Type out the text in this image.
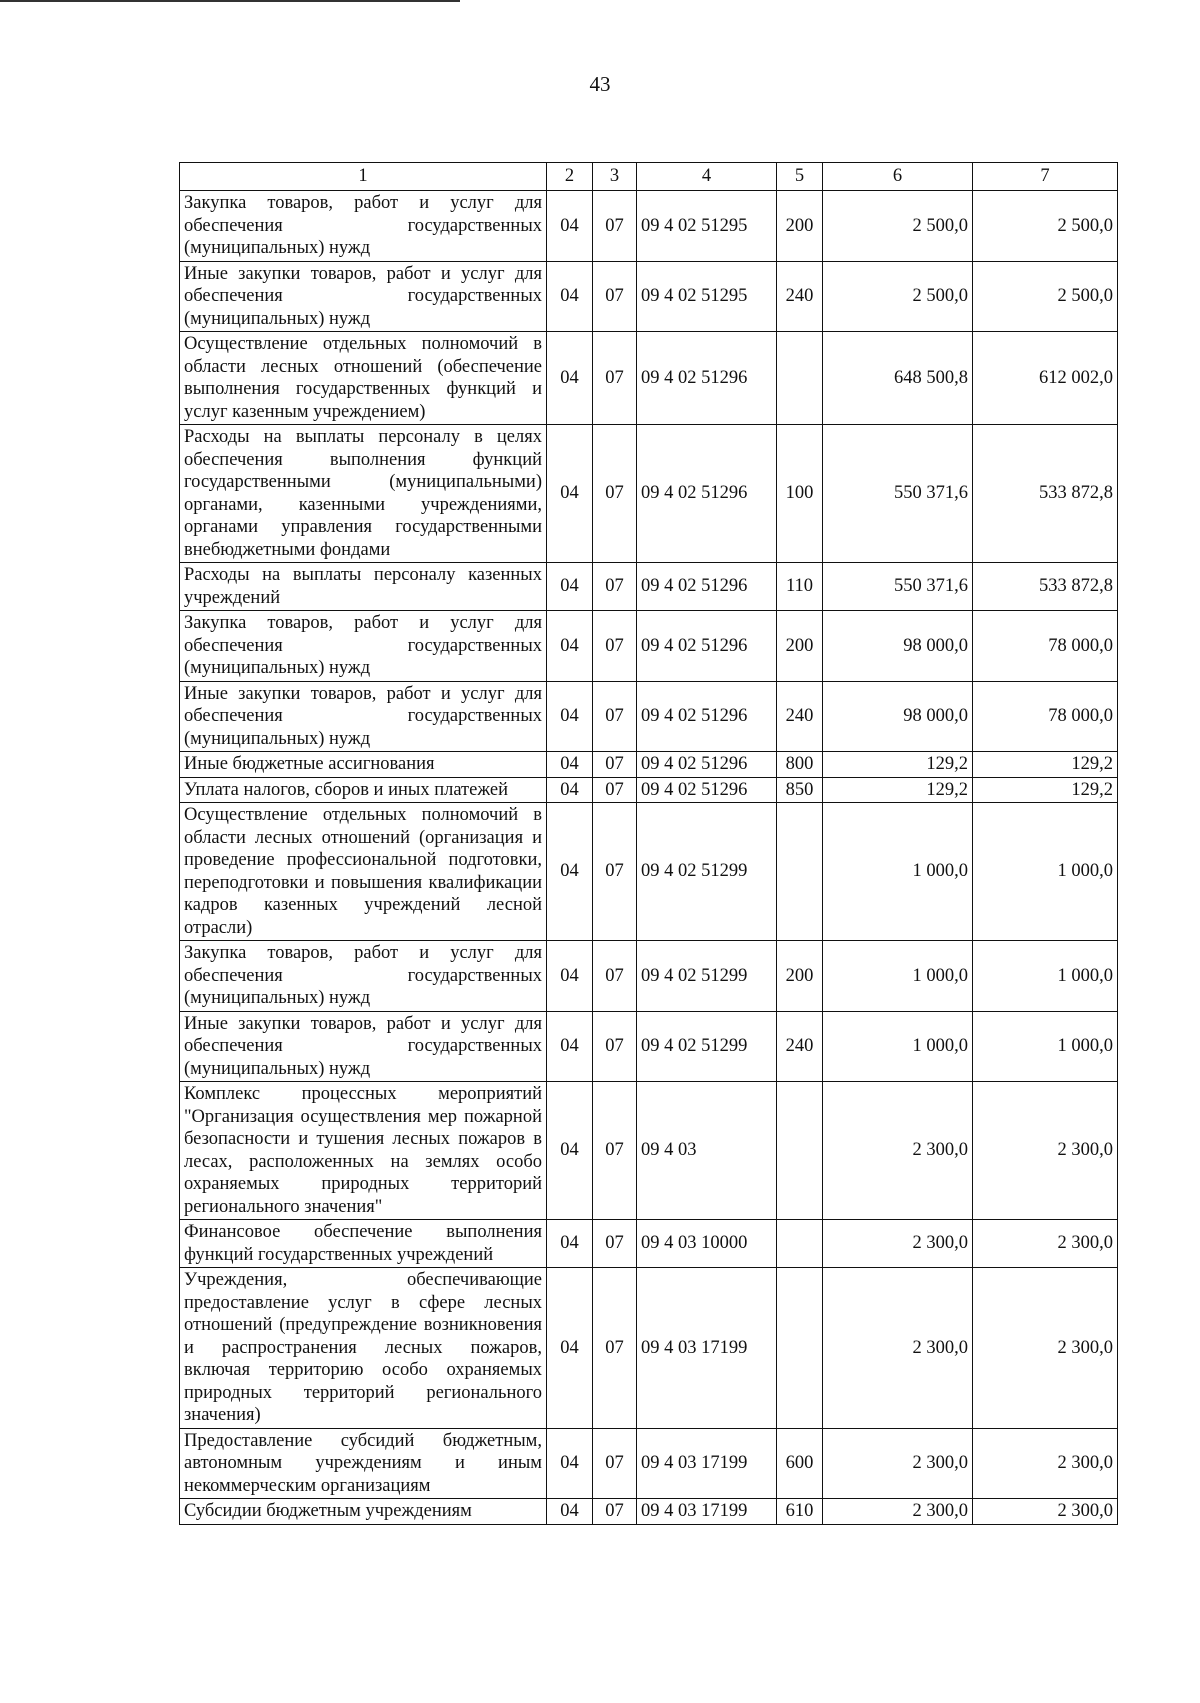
43
1	2	3	4	5	6	7
Закупка товаров, работ и услуг для обеспечения государственных (муниципальных) нужд	04	07	09 4 02 51295	200	2 500,0	2 500,0
Иные закупки товаров, работ и услуг для обеспечения государственных (муниципальных) нужд	04	07	09 4 02 51295	240	2 500,0	2 500,0
Осуществление отдельных полномочий в области лесных отношений (обеспечение выполнения государственных функций и услуг казенным учреждением)	04	07	09 4 02 51296		648 500,8	612 002,0
Расходы на выплаты персоналу в целях обеспечения выполнения функций государственными (муниципальными) органами, казенными учреждениями, органами управления государственными внебюджетными фондами	04	07	09 4 02 51296	100	550 371,6	533 872,8
Расходы на выплаты персоналу казенных учреждений	04	07	09 4 02 51296	110	550 371,6	533 872,8
Закупка товаров, работ и услуг для обеспечения государственных (муниципальных) нужд	04	07	09 4 02 51296	200	98 000,0	78 000,0
Иные закупки товаров, работ и услуг для обеспечения государственных (муниципальных) нужд	04	07	09 4 02 51296	240	98 000,0	78 000,0
Иные бюджетные ассигнования	04	07	09 4 02 51296	800	129,2	129,2
Уплата налогов, сборов и иных платежей	04	07	09 4 02 51296	850	129,2	129,2
Осуществление отдельных полномочий в области лесных отношений (организация и проведение профессиональной подготовки, переподготовки и повышения квалификации кадров казенных учреждений лесной отрасли)	04	07	09 4 02 51299		1 000,0	1 000,0
Закупка товаров, работ и услуг для обеспечения государственных (муниципальных) нужд	04	07	09 4 02 51299	200	1 000,0	1 000,0
Иные закупки товаров, работ и услуг для обеспечения государственных (муниципальных) нужд	04	07	09 4 02 51299	240	1 000,0	1 000,0
Комплекс процессных мероприятий "Организация осуществления мер пожарной безопасности и тушения лесных пожаров в лесах, расположенных на землях особо охраняемых природных территорий регионального значения"	04	07	09 4 03		2 300,0	2 300,0
Финансовое обеспечение выполнения функций государственных учреждений	04	07	09 4 03 10000		2 300,0	2 300,0
Учреждения, обеспечивающие предоставление услуг в сфере лесных отношений (предупреждение возникновения и распространения лесных пожаров, включая территорию особо охраняемых природных территорий регионального значения)	04	07	09 4 03 17199		2 300,0	2 300,0
Предоставление субсидий бюджетным, автономным учреждениям и иным некоммерческим организациям	04	07	09 4 03 17199	600	2 300,0	2 300,0
Субсидии бюджетным учреждениям	04	07	09 4 03 17199	610	2 300,0	2 300,0
